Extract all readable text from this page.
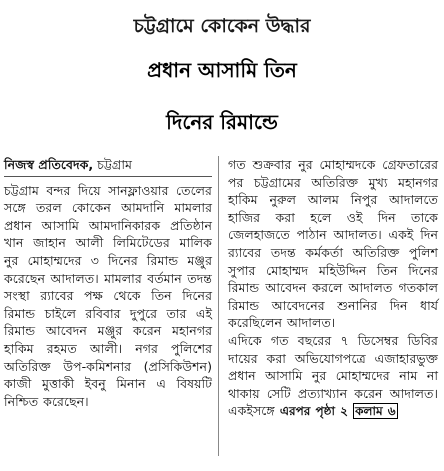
····· ·· ····· ····· ·· ···· ·· · ······ ········ ··· ··· ····· ··· ·· ·· ···· ···· ····· ········ · ·· ·········
চট্টগ্রামে কোকেন উদ্ধার
প্রধান আসামি তিন
দিনের রিমান্ডে
নিজস্ব প্রতিবেদক, চট্টগ্রাম

চট্টগ্রাম বন্দর দিয়ে সানফ্লাওয়ার তেলের সঙ্গে তরল কোকেন আমদানি মামলার প্রধান আসামি আমদানিকারক প্রতিষ্ঠান খান জাহান আলী লিমিটেডের মালিক নুর মোহাম্মদের ৩ দিনের রিমান্ড মঞ্জুর করেছেন আদালত। মামলার বর্তমান তদন্ত সংস্থা র‍্যাবের পক্ষ থেকে তিন দিনের রিমান্ড চাইলে রবিবার দুপুরে তার এই রিমান্ড আবেদন মঞ্জুর করেন মহানগর হাকিম রহমত আলী। নগর পুলিশের অতিরিক্ত উপ-কমিশনার (প্রসিকিউশন) কাজী মুত্তাকী ইবনু মিনান এ বিষয়টি নিশ্চিত করেছেন।

গত শুক্রবার নুর মোহাম্মদকে গ্রেফতারের পর চট্টগ্রামের অতিরিক্ত মুখ্য মহানগর হাকিম নুরুল আলম নিপুর আদালতে হাজির করা হলে ওই দিন তাকে জেলহাজতে পাঠান আদালত। একই দিন র‍্যাবের তদন্ত কর্মকর্তা অতিরিক্ত পুলিশ সুপার মোহাম্মদ মহিউদ্দিন তিন দিনের রিমান্ড আবেদন করলে আদালত গতকাল রিমান্ড আবেদনের শুনানির দিন ধার্য করেছিলেন আদালত।

এদিকে গত বছরের ৭ ডিসেম্বর ডিবির দায়ের করা অভিযোগপত্রে এজাহারভুক্ত প্রধান আসামি নুর মোহাম্মদের নাম না থাকায় সেটি প্রত্যাখ্যান করেন আদালত। একইসঙ্গে এরপর পৃষ্ঠা ২ কলাম ৬
